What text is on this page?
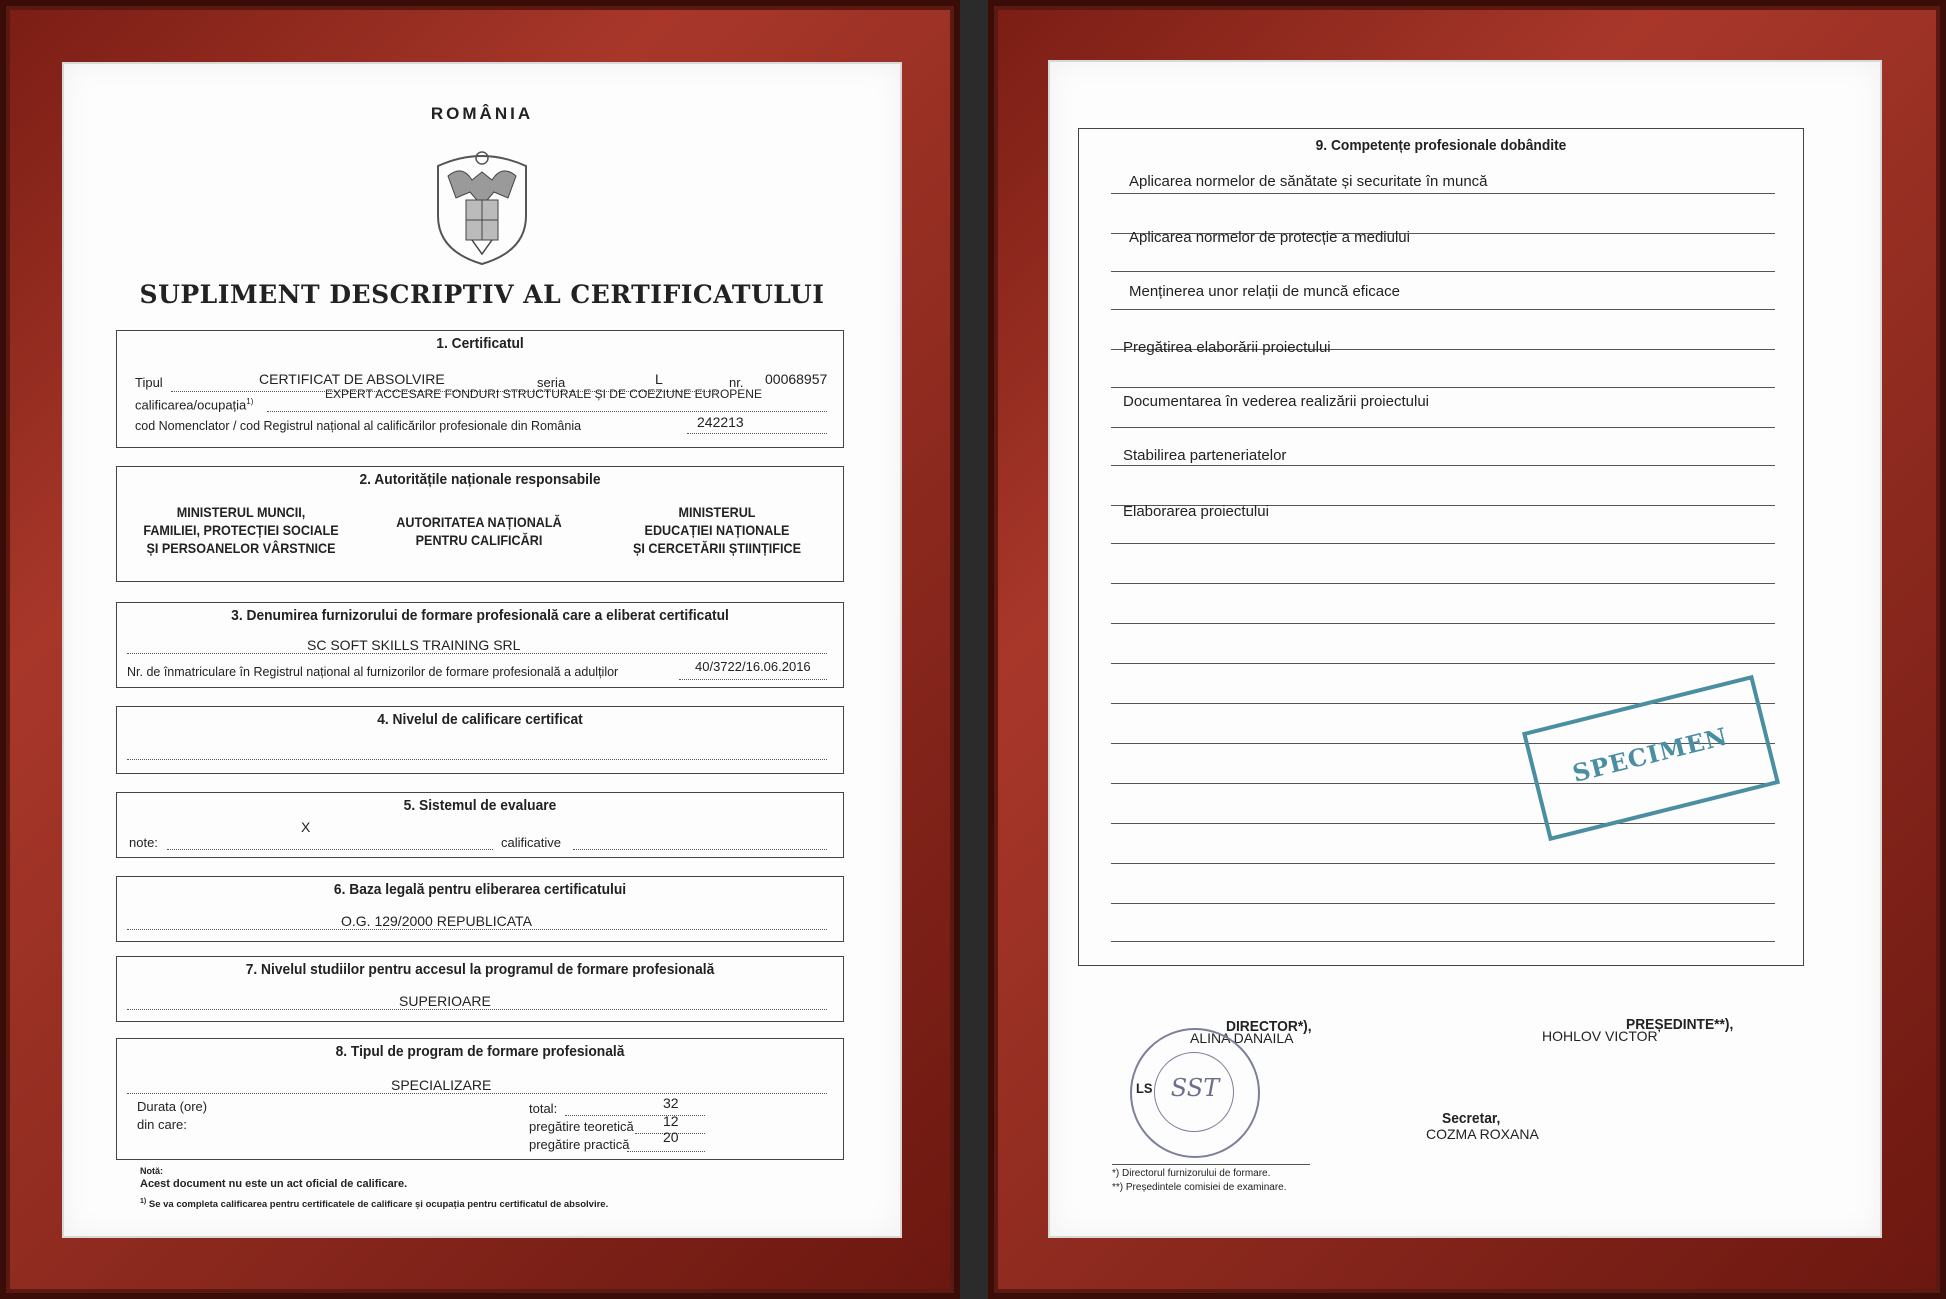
ROMÂNIA
SUPLIMENT DESCRIPTIV AL CERTIFICATULUI
1. Certificatul
Tipul	CERTIFICAT DE ABSOLVIRE	seria	L	nr. 00068957
calificarea/ocupația$^{1)}$
EXPERT ACCESARE FONDURI STRUCTURALE ȘI DE COEZIUNE EUROPENE
cod Nomenclator / cod Registrul național al calificărilor profesionale din România	242213
2. Autoritățile naționale responsabile
MINISTERUL MUNCII,
FAMILIEI, PROTECȚIEI SOCIALE
ȘI PERSOANELOR VÂRSTNICE
AUTORITATEA NAȚIONALĂ
PENTRU CALIFICĂRI
MINISTERUL
EDUCAȚIEI NAȚIONALE
ȘI CERCETĂRII ȘTIINȚIFICE
3. Denumirea furnizorului de formare profesională care a eliberat certificatul
SC SOFT SKILLS TRAINING SRL
Nr. de înmatriculare în Registrul național al furnizorilor de formare profesională a adulților	40/3722/16.06.2016
4. Nivelul de calificare certificat
5. Sistemul de evaluare
X
note:	calificative
6. Baza legală pentru eliberarea certificatului
O.G. 129/2000 REPUBLICATA
7. Nivelul studiilor pentru accesul la programul de formare profesională
SUPERIOARE
8. Tipul de program de formare profesională
SPECIALIZARE
Durata (ore)
din care:
total:	32
pregătire teoretică 12
pregătire practică 20
Notă:
Acest document nu este un act oficial de calificare.
$^{1)}$ Se va completa calificarea pentru certificatele de calificare și ocupația pentru certificatul de absolvire.
9. Competențe profesionale dobândite
Aplicarea normelor de sănătate și securitate în muncă
Aplicarea normelor de protecție a mediului
Menținerea unor relații de muncă eficace
Pregătirea elaborării proiectului
Documentarea în vederea realizării proiectului
Stabilirea parteneriatelor
Elaborarea proiectului
SPECIMEN
DIRECTOR*),
ALINA DANAILA
PREȘEDINTE**),
HOHLOV VICTOR
LS SST
Secretar,
COZMA ROXANA
*) Directorul furnizorului de formare.
**) Președintele comisiei de examinare.
